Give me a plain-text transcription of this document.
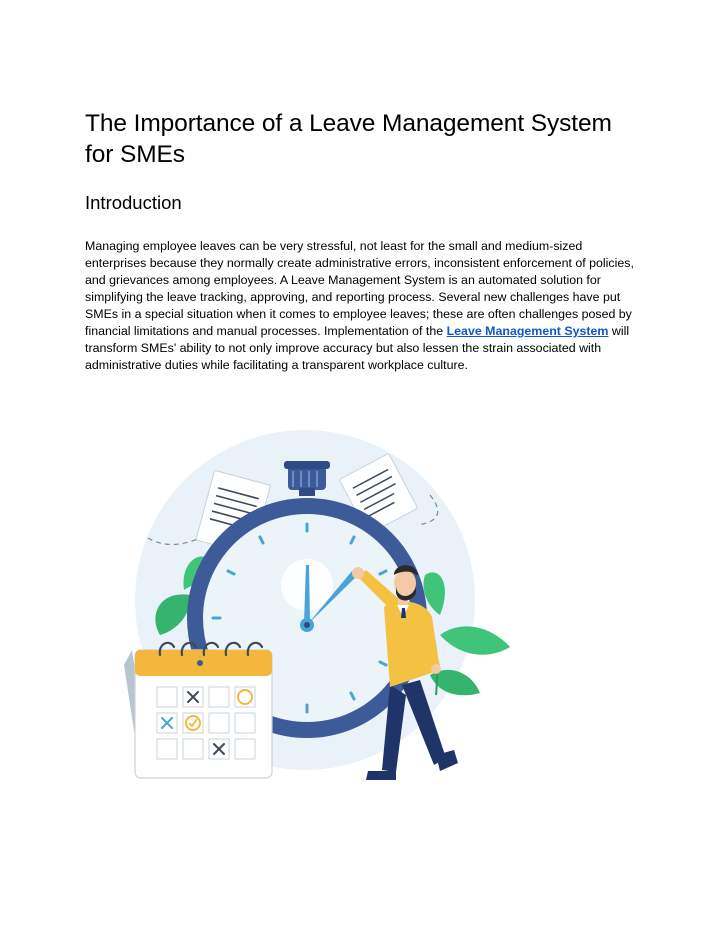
The Importance of a Leave Management System for SMEs
Introduction

Managing employee leaves can be very stressful, not least for the small and medium-sized enterprises because they normally create administrative errors, inconsistent enforcement of policies, and grievances among employees. A Leave Management System is an automated solution for simplifying the leave tracking, approving, and reporting process. Several new challenges have put SMEs in a special situation when it comes to employee leaves; these are often challenges posed by financial limitations and manual processes. Implementation of the Leave Management System will transform SMEs' ability to not only improve accuracy but also lessen the strain associated with administrative duties while facilitating a transparent workplace culture.
